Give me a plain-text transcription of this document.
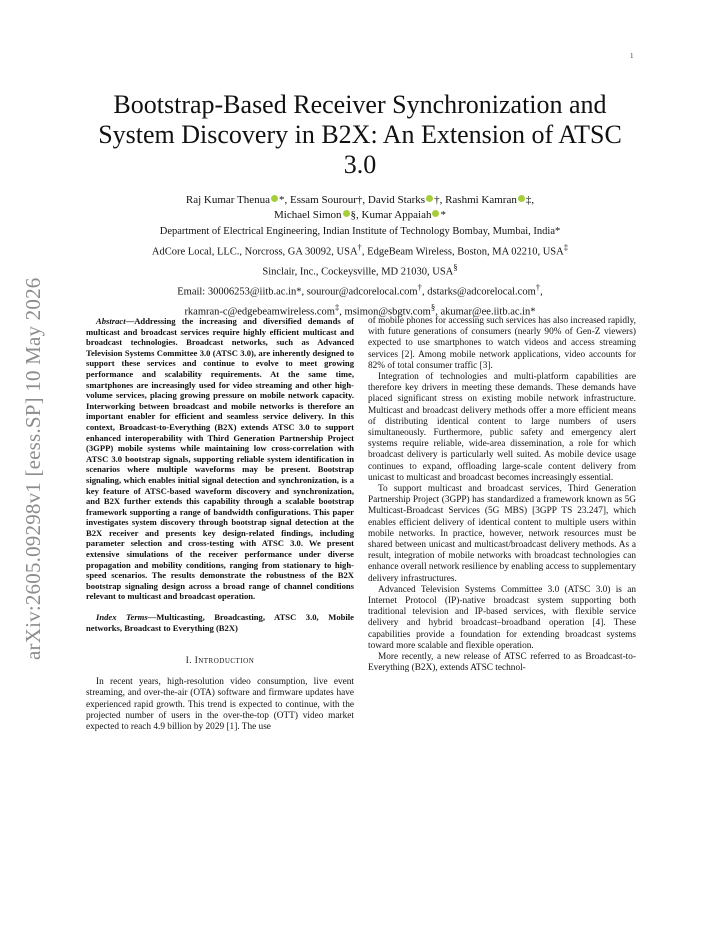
1
arXiv:2605.09298v1 [eess.SP] 10 May 2026
Bootstrap-Based Receiver Synchronization and System Discovery in B2X: An Extension of ATSC 3.0
Raj Kumar Thenua *, Essam Sourour†, David Starks †, Rashmi Kamran ‡,
Michael Simon §, Kumar Appaiah *
Department of Electrical Engineering, Indian Institute of Technology Bombay, Mumbai, India*
AdCore Local, LLC., Norcross, GA 30092, USA†, EdgeBeam Wireless, Boston, MA 02210, USA‡
Sinclair, Inc., Cockeysville, MD 21030, USA§
Email: 30006253@iitb.ac.in*, sourour@adcorelocal.com†, dstarks@adcorelocal.com†,
rkamran-c@edgebeamwireless.com‡, msimon@sbgtv.com§, akumar@ee.iitb.ac.in*

Abstract—Addressing the increasing and diversified demands of multicast and broadcast services require highly efficient multicast and broadcast technologies. Broadcast networks, such as Advanced Television Systems Committee 3.0 (ATSC 3.0), are inherently designed to support these services and continue to evolve to meet growing performance and scalability requirements. At the same time, smartphones are increasingly used for video streaming and other high-volume services, placing growing pressure on mobile network capacity. Interworking between broadcast and mobile networks is therefore an important enabler for efficient and seamless service delivery. In this context, Broadcast-to-Everything (B2X) extends ATSC 3.0 to support enhanced interoperability with Third Generation Partnership Project (3GPP) mobile systems while maintaining low cross-correlation with ATSC 3.0 bootstrap signals, supporting reliable system identification in scenarios where multiple waveforms may be present. Bootstrap signaling, which enables initial signal detection and synchronization, is a key feature of ATSC-based waveform discovery and synchronization, and B2X further extends this capability through a scalable bootstrap framework supporting a range of bandwidth configurations. This paper investigates system discovery through bootstrap signal detection at the B2X receiver and presents key design-related findings, including parameter selection and cross-testing with ATSC 3.0. We present extensive simulations of the receiver performance under diverse propagation and mobility conditions, ranging from stationary to high-speed scenarios. The results demonstrate the robustness of the B2X bootstrap signaling design across a broad range of channel conditions relevant to multicast and broadcast operation.

Index Terms—Multicasting, Broadcasting, ATSC 3.0, Mobile networks, Broadcast to Everything (B2X)

I. INTRODUCTION

In recent years, high-resolution video consumption, live event streaming, and over-the-air (OTA) software and firmware updates have experienced rapid growth. This trend is expected to continue, with the projected number of users in the over-the-top (OTT) video market expected to reach 4.9 billion by 2029 [1]. The use

of mobile phones for accessing such services has also increased rapidly, with future generations of consumers (nearly 90% of Gen-Z viewers) expected to use smartphones to watch videos and access streaming services [2]. Among mobile network applications, video accounts for 82% of total consumer traffic [3].

Integration of technologies and multi-platform capabilities are therefore key drivers in meeting these demands. These demands have placed significant stress on existing mobile network infrastructure. Multicast and broadcast delivery methods offer a more efficient means of distributing identical content to large numbers of users simultaneously. Furthermore, public safety and emergency alert systems require reliable, wide-area dissemination, a role for which broadcast delivery is particularly well suited. As mobile device usage continues to expand, offloading large-scale content delivery from unicast to multicast and broadcast becomes increasingly essential.

To support multicast and broadcast services, Third Generation Partnership Project (3GPP) has standardized a framework known as 5G Multicast-Broadcast Services (5G MBS) [3GPP TS 23.247], which enables efficient delivery of identical content to multiple users within mobile networks. In practice, however, network resources must be shared between unicast and multicast/broadcast delivery methods. As a result, integration of mobile networks with broadcast technologies can enhance overall network resilience by enabling access to supplementary delivery infrastructures.

Advanced Television Systems Committee 3.0 (ATSC 3.0) is an Internet Protocol (IP)-native broadcast system supporting both traditional television and IP-based services, with flexible service delivery and hybrid broadcast–broadband operation [4]. These capabilities provide a foundation for extending broadcast systems toward more scalable and flexible operation.

More recently, a new release of ATSC referred to as Broadcast-to-Everything (B2X), extends ATSC technol-
